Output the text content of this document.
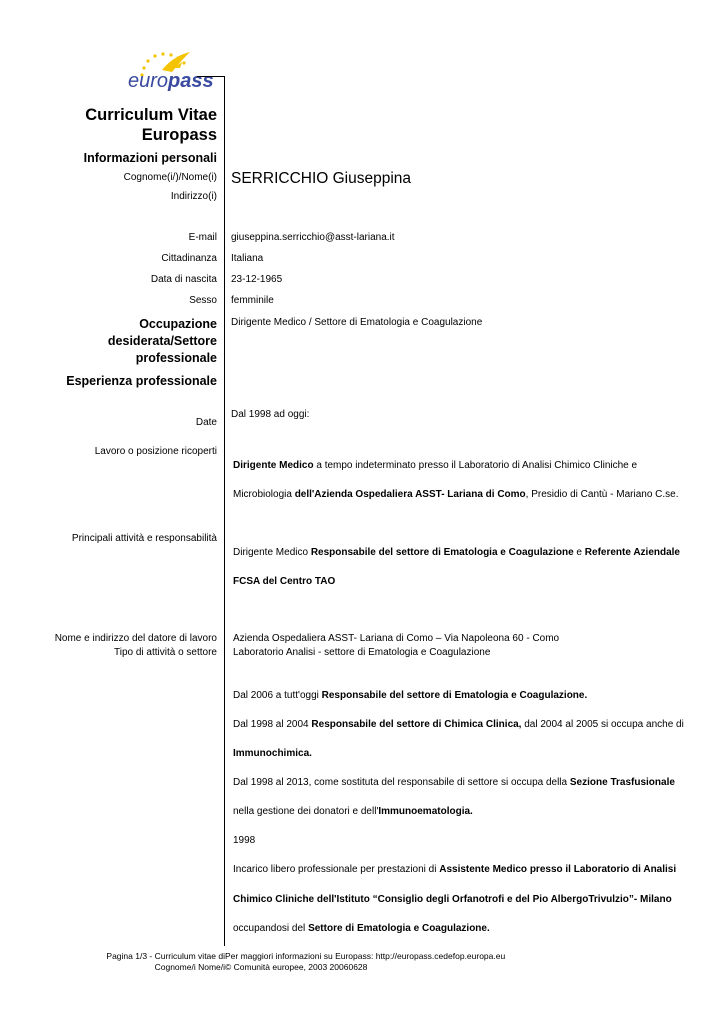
europass
Curriculum Vitae
Europass
Informazioni personali
Cognome(i/)/Nome(i) SERRICCHIO Giuseppina
Indirizzo(i)
E-mail giuseppina.serricchio@asst-lariana.it
Cittadinanza Italiana
Data di nascita 23-12-1965
Sesso femminile
Occupazione
desiderata/Settore
professionale
Dirigente Medico / Settore di Ematologia e Coagulazione
Esperienza professionale
Date
Dal 1998 ad oggi:
Lavoro o posizione ricoperti
Dirigente Medico a tempo indeterminato presso il Laboratorio di Analisi Chimico Cliniche e
Microbiologia dell'Azienda Ospedaliera ASST- Lariana di Como, Presidio di Cantù - Mariano C.se.
Principali attività e responsabilità
Dirigente Medico Responsabile del settore di Ematologia e Coagulazione e Referente Aziendale
FCSA del Centro TAO
Nome e indirizzo del datore di lavoro Azienda Ospedaliera ASST- Lariana di Como – Via Napoleona 60 - Como
Tipo di attività o settore Laboratorio Analisi - settore di Ematologia e Coagulazione
Dal 2006 a tutt'oggi Responsabile del settore di Ematologia e Coagulazione.
Dal 1998 al 2004 Responsabile del settore di Chimica Clinica, dal 2004 al 2005 si occupa anche di
Immunochimica.
Dal 1998 al 2013, come sostituta del responsabile di settore si occupa della Sezione Trasfusionale
nella gestione dei donatori e dell'Immunoematologia.
1998
Incarico libero professionale per prestazioni di Assistente Medico presso il Laboratorio di Analisi
Chimico Cliniche dell'Istituto “Consiglio degli Orfanotrofi e del Pio AlbergoTrivulzio”- Milano
occupandosi del Settore di Ematologia e Coagulazione.
Pagina 1/3 - Curriculum vitae di
Cognome/i Nome/i
Per maggiori informazioni su Europass: http://europass.cedefop.europa.eu
© Comunità europee, 2003 20060628
